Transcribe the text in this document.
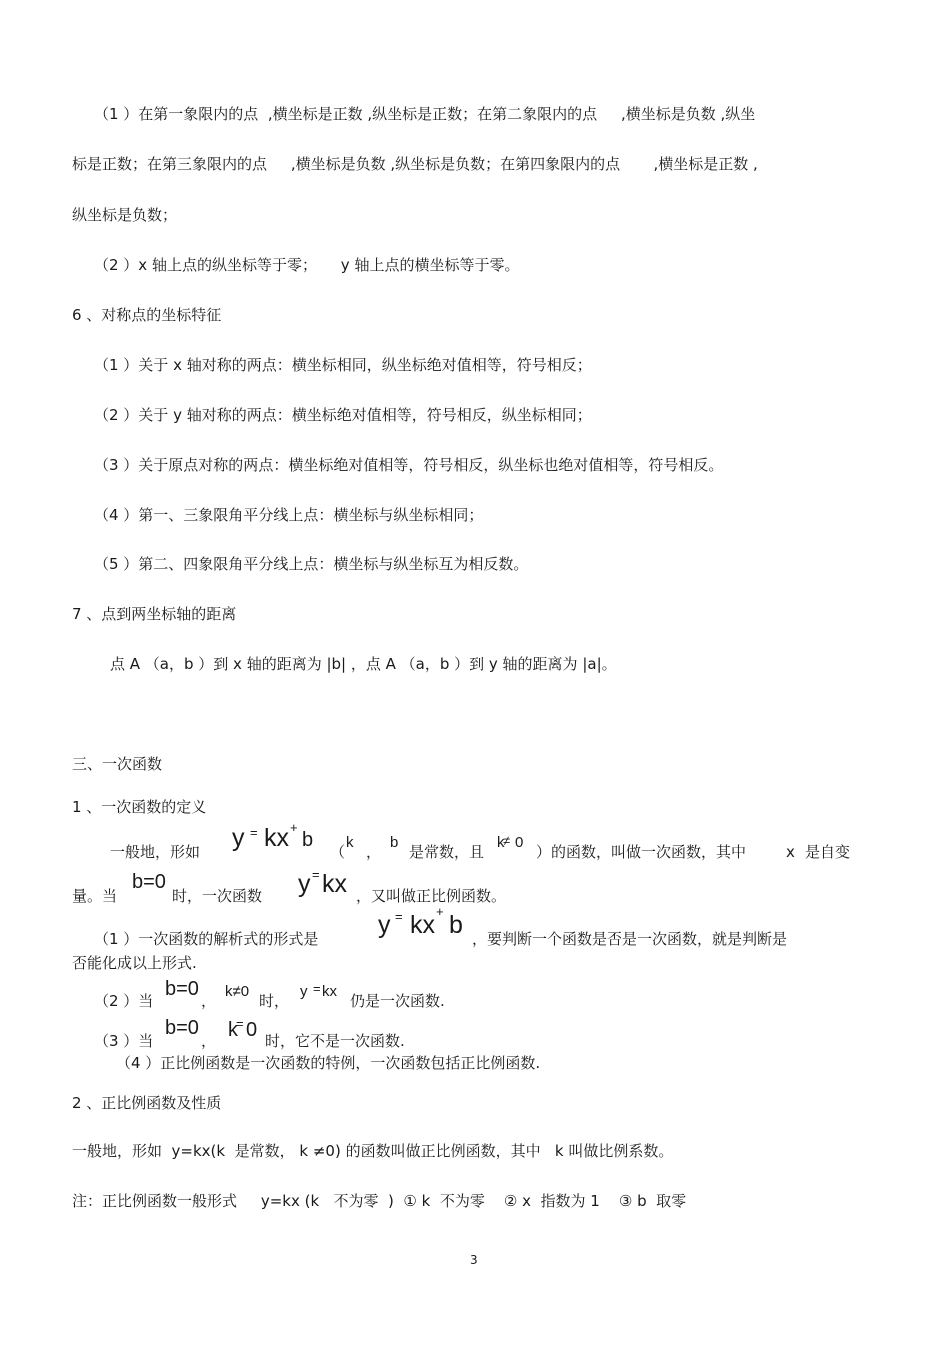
（1 ）在第一象限内的点  ,横坐标是正数 ,纵坐标是正数；在第二象限内的点     ,横坐标是负数 ,纵坐
标是正数；在第三象限内的点     ,横坐标是负数 ,纵坐标是负数；在第四象限内的点       ,横坐标是正数 ,
纵坐标是负数；
（2 ）x 轴上点的纵坐标等于零；     y 轴上点的横坐标等于零。
6 、对称点的坐标特征
（1 ）关于 x 轴对称的两点：横坐标相同，纵坐标绝对值相等，符号相反；
（2 ）关于 y 轴对称的两点：横坐标绝对值相等，符号相反，纵坐标相同；
（3 ）关于原点对称的两点：横坐标绝对值相等，符号相反，纵坐标也绝对值相等，符号相反。
（4 ）第一、三象限角平分线上点：横坐标与纵坐标相同；
（5 ）第二、四象限角平分线上点：横坐标与纵坐标互为相反数。
7 、点到两坐标轴的距离
点 A （a，b ）到 x 轴的距离为 |b| ，点 A （a，b ）到 y 轴的距离为 |a|。
三、一次函数
1 、一次函数的定义
一般地，形如 y = kx +
b
（
k
，
b
是常数，且
k
≠ 0
）的函数，叫做一次函数，其中	x 是自变
量。当
b=0
时，一次函数 y = kx ，又叫做正比例函数。
（1 ）一次函数的解析式的形式是 y = kx + b ，要判断一个函数是否是一次函数，就是判断是
否能化成以上形式.
（2 ）当
b=0
，
k≠0
时，
y = kx
仍是一次函数.
（3 ）当
b=0
， k
= 0 时，它不是一次函数.
（4 ）正比例函数是一次函数的特例，一次函数包括正比例函数.
2 、正比例函数及性质
一般地，形如  y=kx(k  是常数， k ≠0) 的函数叫做正比例函数，其中   k 叫做比例系数。
注：正比例函数一般形式     y=kx (k   不为零  )  ① k  不为零    ② x  指数为 1    ③ b  取零
3
